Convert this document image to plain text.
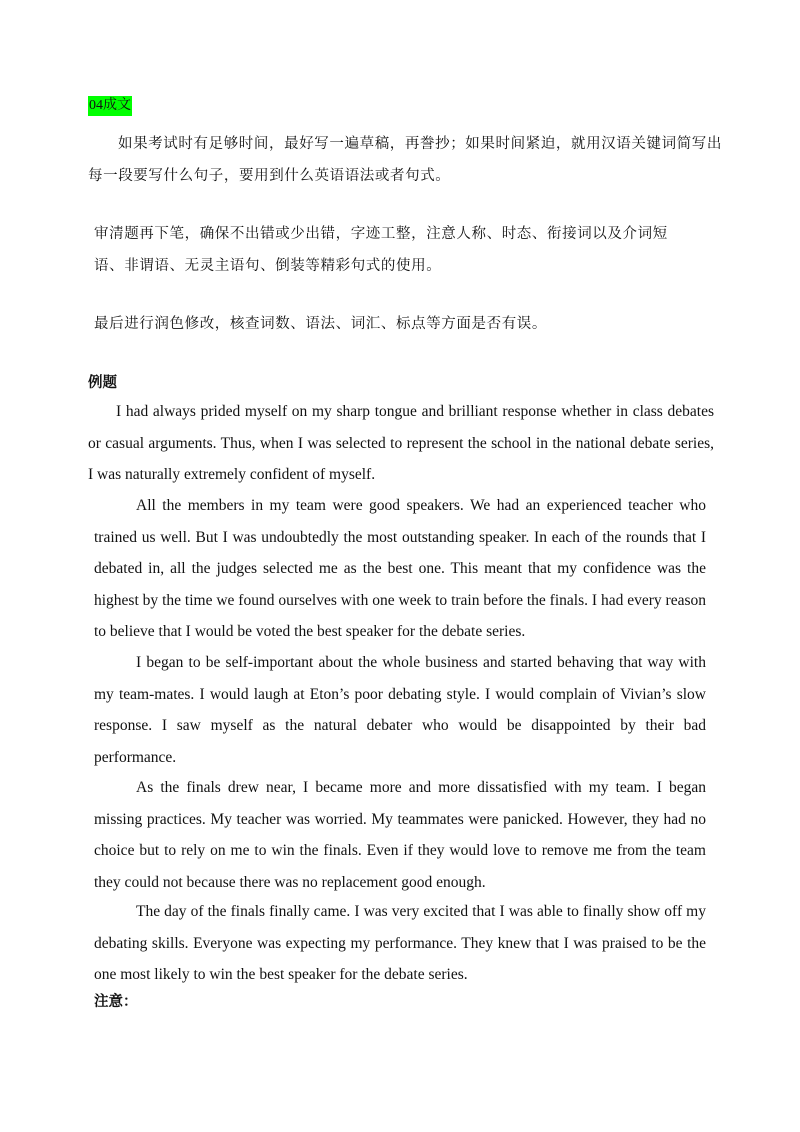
04成文
如果考试时有足够时间，最好写一遍草稿，再誊抄；如果时间紧迫，就用汉语关键词简写出每一段要写什么句子，要用到什么英语语法或者句式。
审清题再下笔，确保不出错或少出错，字迹工整，注意人称、时态、衔接词以及介词短
语、非谓语、无灵主语句、倒装等精彩句式的使用。
最后进行润色修改，核查词数、语法、词汇、标点等方面是否有误。
例题
I had always prided myself on my sharp tongue and brilliant response whether in class debates or casual arguments. Thus, when I was selected to represent the school in the national debate series, I was naturally extremely confident of myself.
All the members in my team were good speakers. We had an experienced teacher who trained us well. But I was undoubtedly the most outstanding speaker. In each of the rounds that I debated in, all the judges selected me as the best one. This meant that my confidence was the highest by the time we found ourselves with one week to train before the finals. I had every reason to believe that I would be voted the best speaker for the debate series.
I began to be self-important about the whole business and started behaving that way with my team-mates. I would laugh at Eton’s poor debating style. I would complain of Vivian’s slow response. I saw myself as the natural debater who would be disappointed by their bad performance.
As the finals drew near, I became more and more dissatisfied with my team. I began missing practices. My teacher was worried. My teammates were panicked. However, they had no choice but to rely on me to win the finals. Even if they would love to remove me from the team they could not because there was no replacement good enough.
The day of the finals finally came. I was very excited that I was able to finally show off my debating skills. Everyone was expecting my performance. They knew that I was praised to be the one most likely to win the best speaker for the debate series.
注意：
